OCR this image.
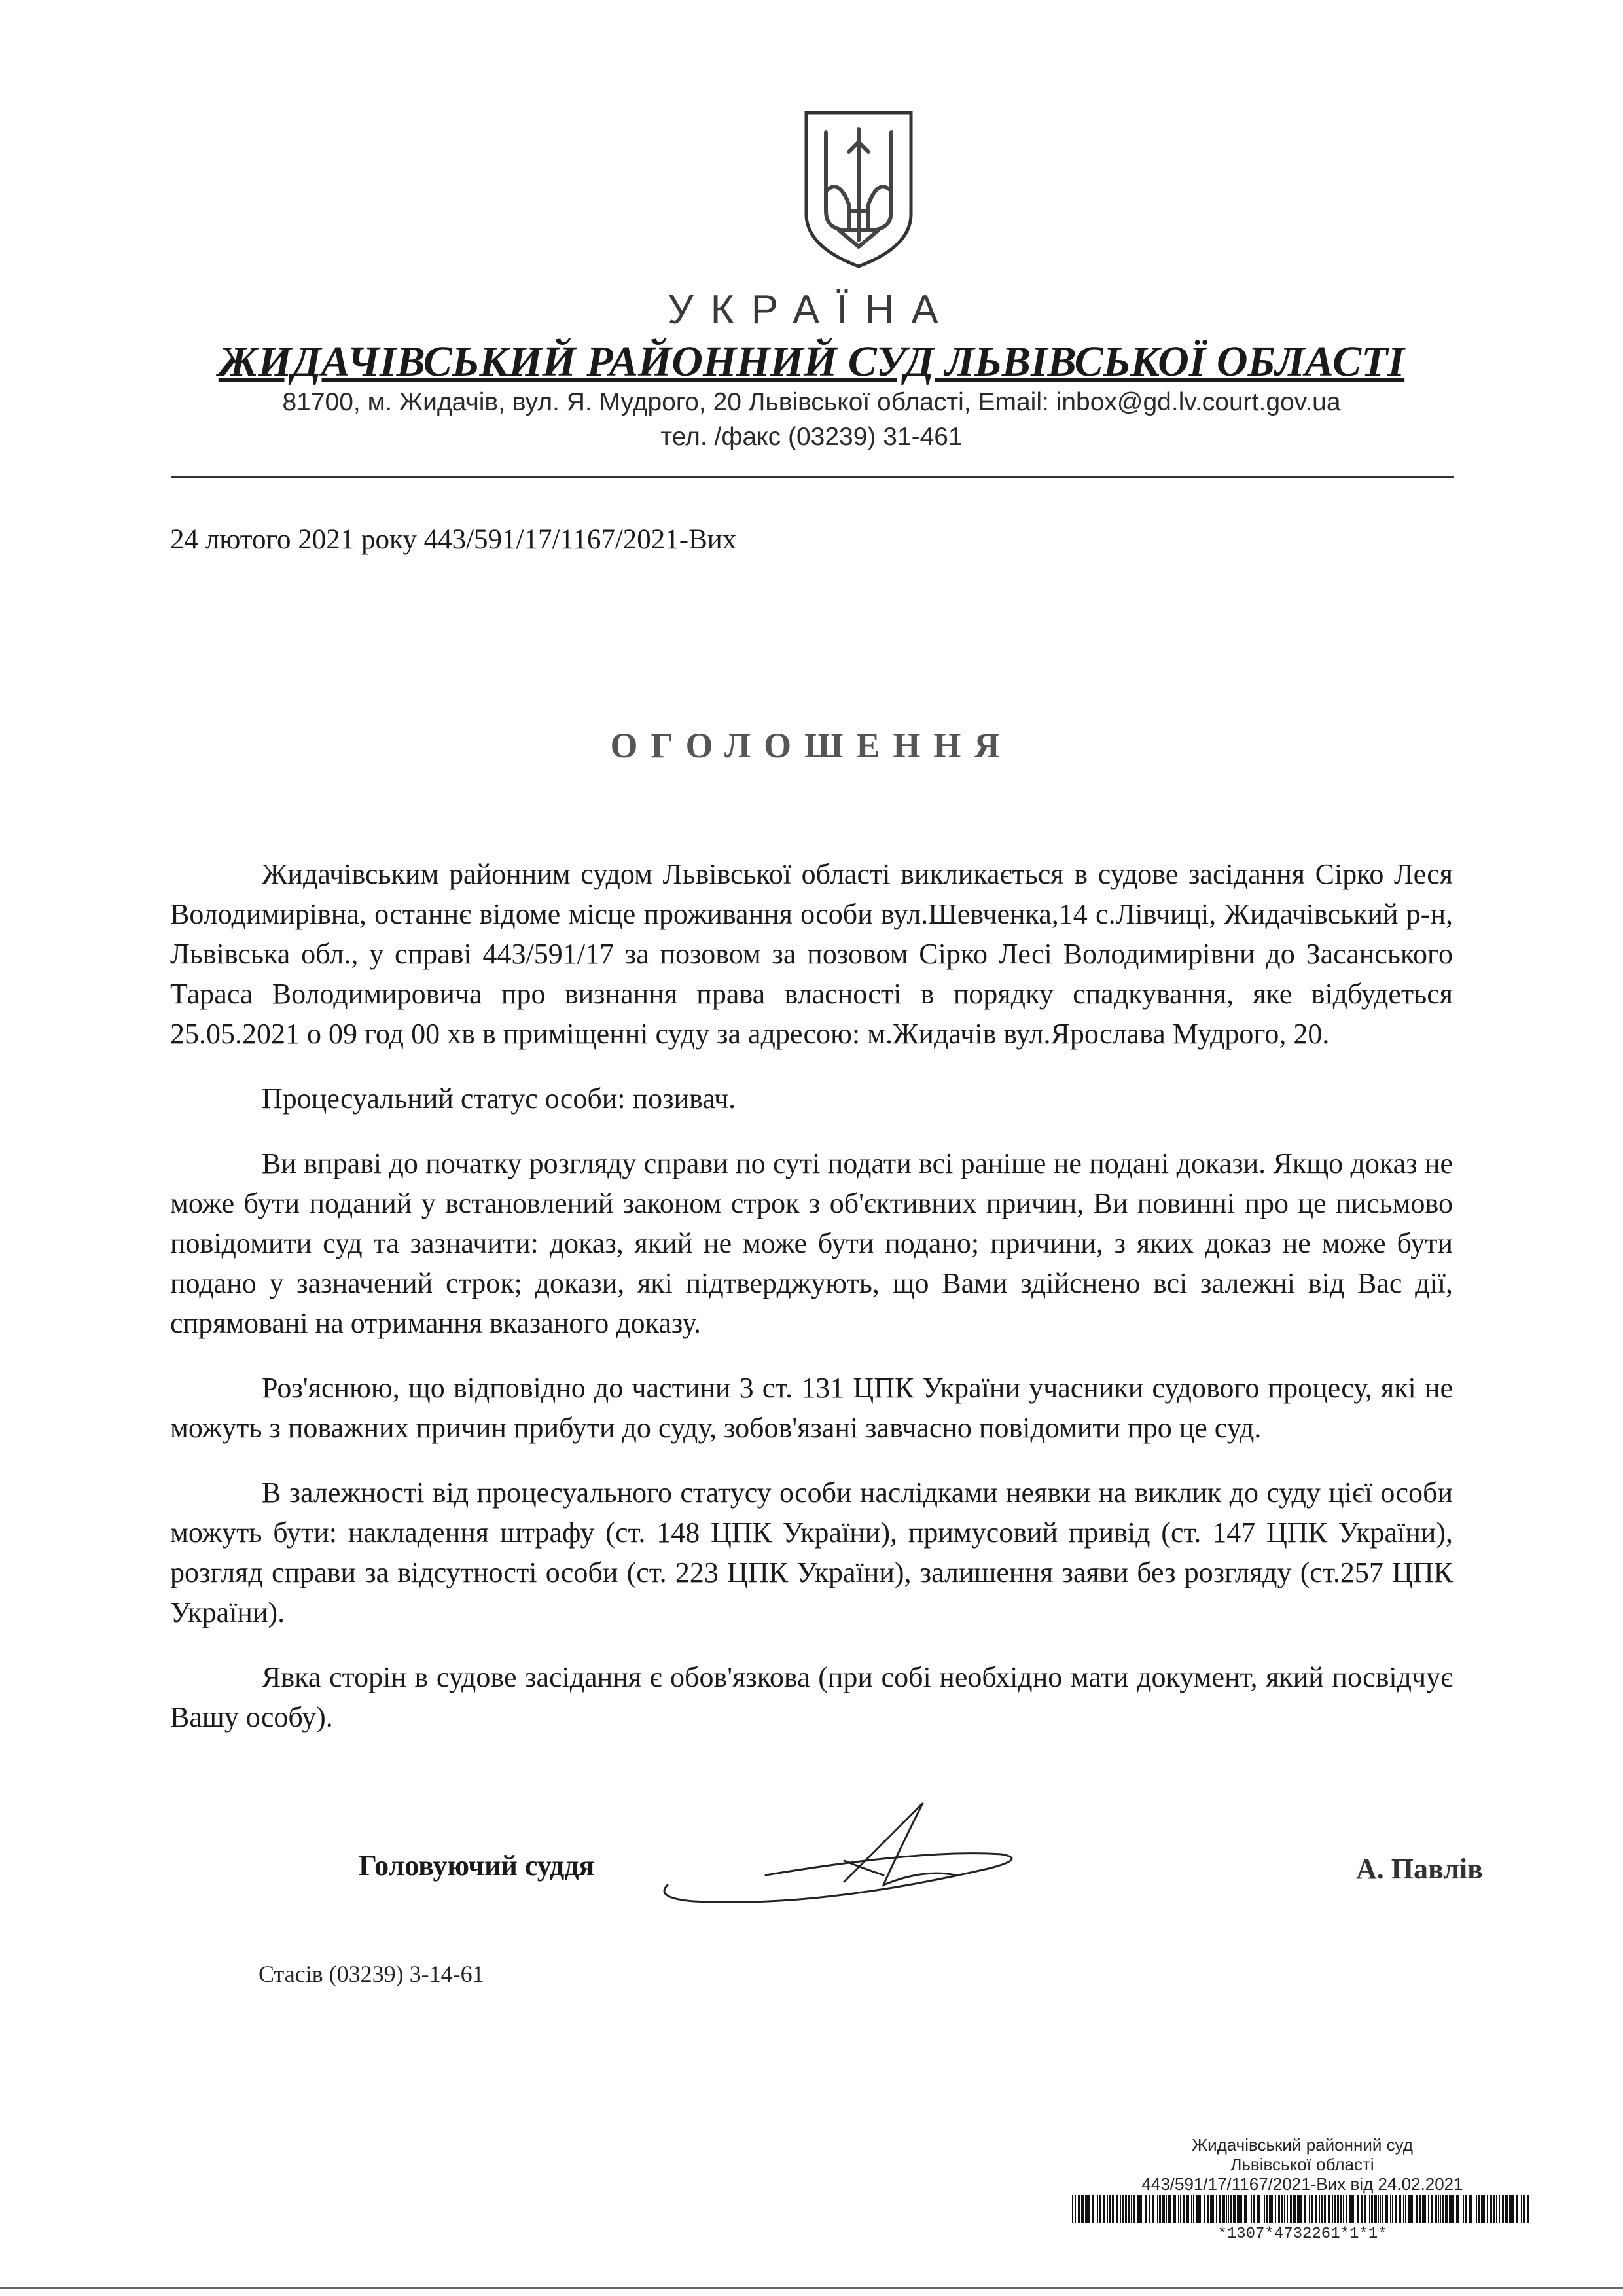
УКРАЇНА
ЖИДАЧІВСЬКИЙ РАЙОННИЙ СУД ЛЬВІВСЬКОЇ ОБЛАСТІ
81700, м. Жидачів, вул. Я. Мудрого, 20 Львівської області, Email: inbox@gd.lv.court.gov.ua
тел. /факс (03239) 31-461
24 лютого 2021 року 443/591/17/1167/2021-Вих
ОГОЛОШЕННЯ

Жидачівським районним судом Львівської області викликається в судове засідання Сірко Леся Володимирівна, останнє відоме місце проживання особи вул.Шевченка,14 с.Лівчиці, Жидачівський р-н, Львівська обл., у справі 443/591/17 за позовом за позовом Сірко Лесі Володимирівни до Засанського Тараса Володимировича про визнання права власності в порядку спадкування, яке відбудеться 25.05.2021 о 09 год 00 хв в приміщенні суду за адресою: м.Жидачів вул.Ярослава Мудрого, 20.

Процесуальний статус особи: позивач.

Ви вправі до початку розгляду справи по суті подати всі раніше не подані докази. Якщо доказ не може бути поданий у встановлений законом строк з об'єктивних причин, Ви повинні про це письмово повідомити суд та зазначити: доказ, який не може бути подано; причини, з яких доказ не може бути подано у зазначений строк; докази, які підтверджують, що Вами здійснено всі залежні від Вас дії, спрямовані на отримання вказаного доказу.

Роз'яснюю, що відповідно до частини 3 ст. 131 ЦПК України учасники судового процесу, які не можуть з поважних причин прибути до суду, зобов'язані завчасно повідомити про це суд.

В залежності від процесуального статусу особи наслідками неявки на виклик до суду цієї особи можуть бути: накладення штрафу (ст. 148 ЦПК України), примусовий привід (ст. 147 ЦПК України), розгляд справи за відсутності особи (ст. 223 ЦПК України), залишення заяви без розгляду (ст.257 ЦПК України).

Явка сторін в судове засідання є обов'язкова (при собі необхідно мати документ, який посвідчує Вашу особу).

Головуючий суддя	А. Павлів
Стасів (03239) 3-14-61
Жидачівський районний суд
Львівської області
443/591/17/1167/2021-Вих від 24.02.2021
*1307*4732261*1*1*
